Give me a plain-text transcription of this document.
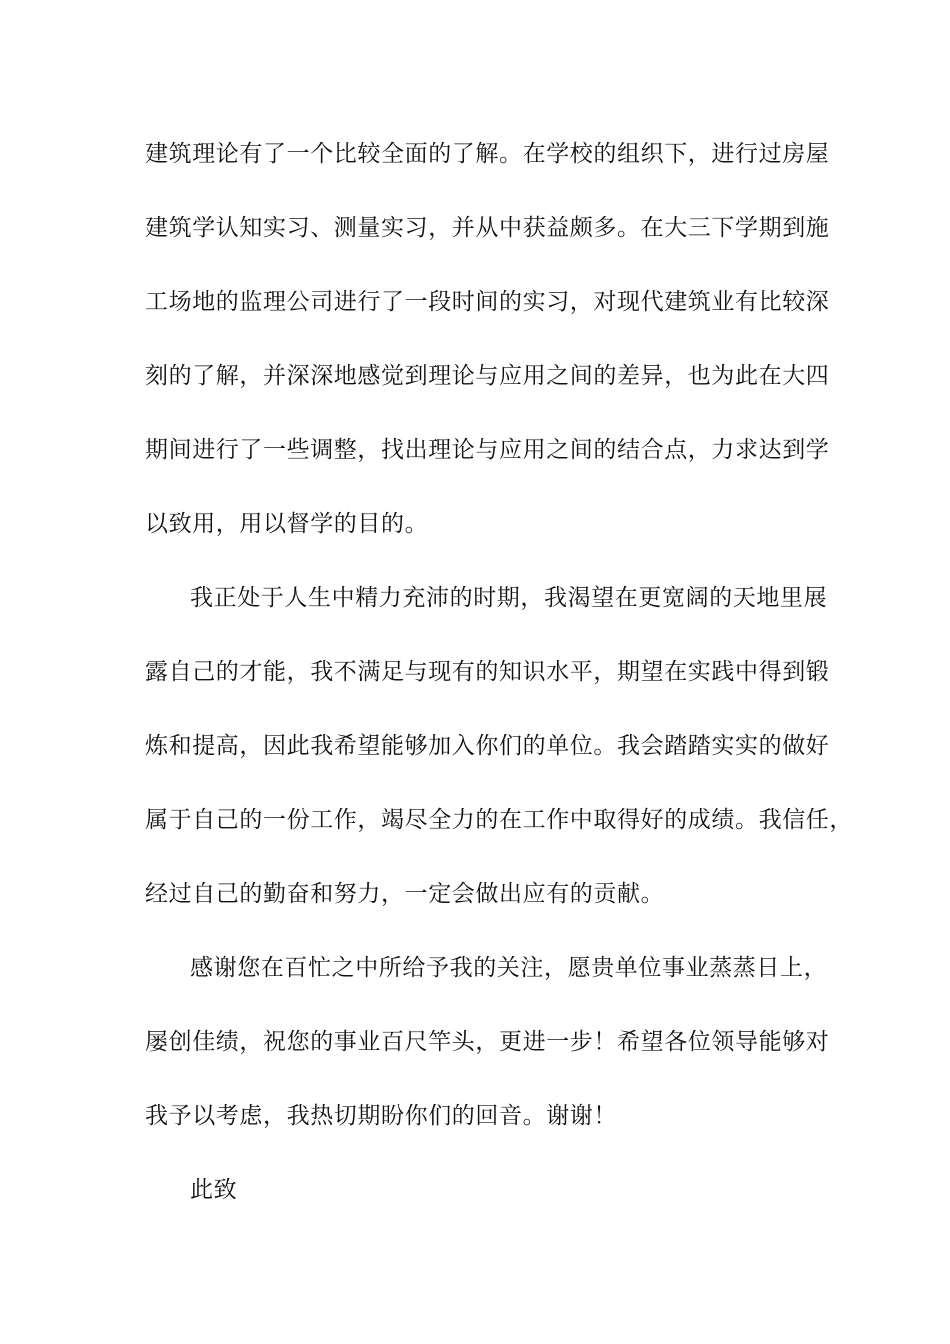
建筑理论有了一个比较全面的了解。在学校的组织下，进行过房屋
建筑学认知实习、测量实习，并从中获益颇多。在大三下学期到施
工场地的监理公司进行了一段时间的实习，对现代建筑业有比较深
刻的了解，并深深地感觉到理论与应用之间的差异，也为此在大四
期间进行了一些调整，找出理论与应用之间的结合点，力求达到学
以致用，用以督学的目的。
我正处于人生中精力充沛的时期，我渴望在更宽阔的天地里展
露自己的才能，我不满足与现有的知识水平，期望在实践中得到锻
炼和提高，因此我希望能够加入你们的单位。我会踏踏实实的做好
属于自己的一份工作，竭尽全力的在工作中取得好的成绩。我信任，
经过自己的勤奋和努力，一定会做出应有的贡献。
感谢您在百忙之中所给予我的关注，愿贵单位事业蒸蒸日上，
屡创佳绩，祝您的事业百尺竿头，更进一步！希望各位领导能够对
我予以考虑，我热切期盼你们的回音。谢谢！
此致
